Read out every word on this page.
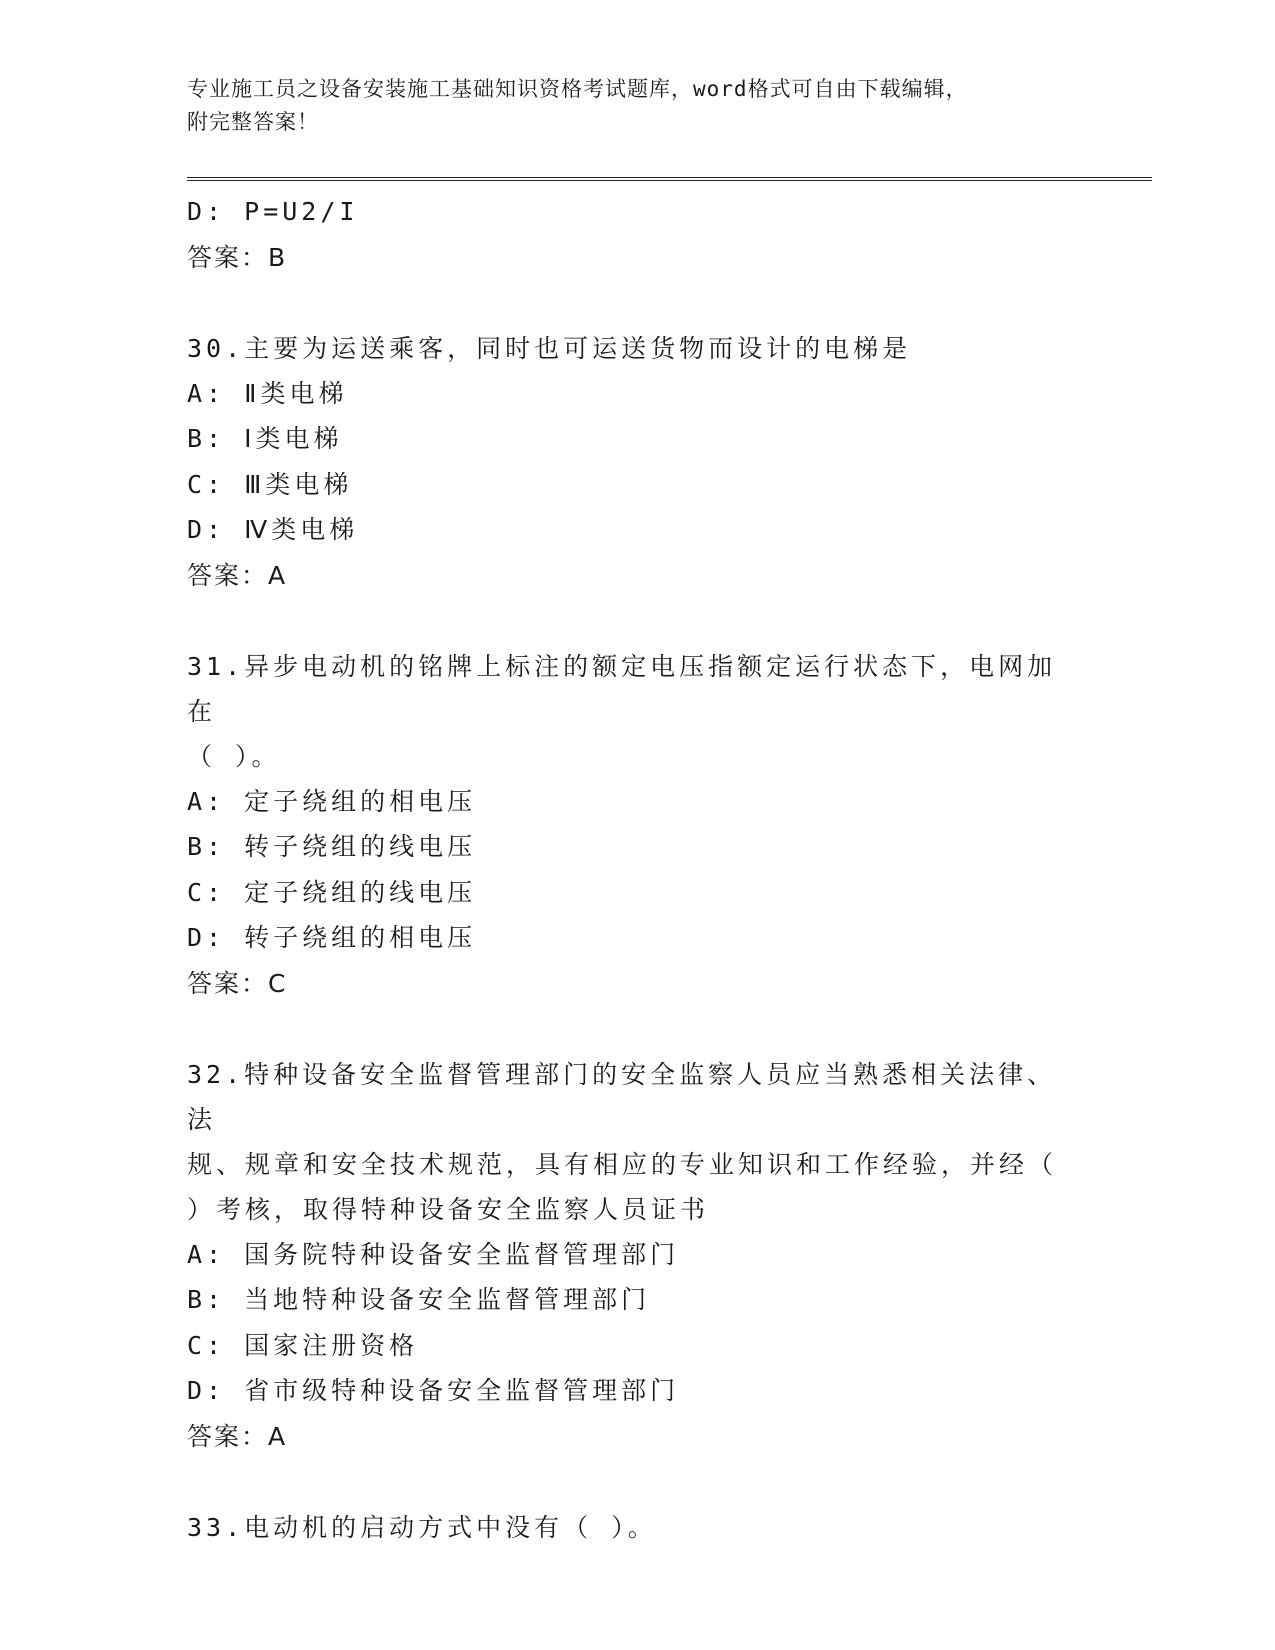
专业施工员之设备安装施工基础知识资格考试题库，word格式可自由下载编辑，
附完整答案！
D: P=U2/I
答案：B
30.主要为运送乘客，同时也可运送货物而设计的电梯是
A: Ⅱ类电梯
B: Ⅰ类电梯
C: Ⅲ类电梯
D: Ⅳ类电梯
答案：A
31.异步电动机的铭牌上标注的额定电压指额定运行状态下，电网加在
（ ）。
A: 定子绕组的相电压
B: 转子绕组的线电压
C: 定子绕组的线电压
D: 转子绕组的相电压
答案：C
32.特种设备安全监督管理部门的安全监察人员应当熟悉相关法律、法
规、规章和安全技术规范，具有相应的专业知识和工作经验，并经（
）考核，取得特种设备安全监察人员证书
A: 国务院特种设备安全监督管理部门
B: 当地特种设备安全监督管理部门
C: 国家注册资格
D: 省市级特种设备安全监督管理部门
答案：A
33.电动机的启动方式中没有（ ）。
